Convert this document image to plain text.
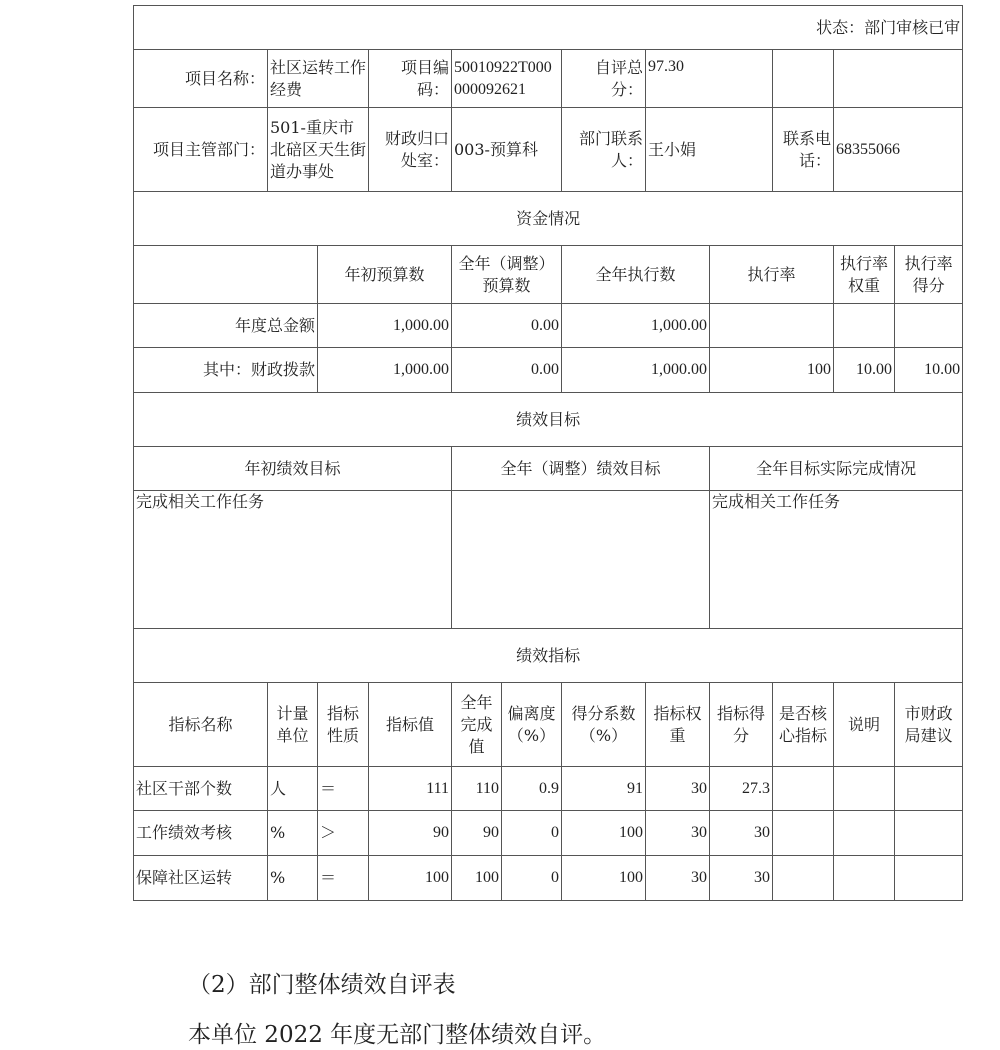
状态：部门审核已审											
项目名称：	社区运转工作经费		项目编码：	50010922T000000092621		自评总分：	97.30				
项目主管部门：	501-重庆市北碚区天生街道办事处		财政归口处室：	003-预算科		部门联系人：	王小娟		联系电话：	68355066	
资金情况											
		年初预算数		全年（调整）预算数		全年执行数		执行率		执行率权重	执行率得分
年度总金额		1,000.00		0.00		1,000.00					
其中：财政拨款		1,000.00		0.00		1,000.00		100		10.00	10.00
绩效目标											
年初绩效目标				全年（调整）绩效目标				全年目标实际完成情况			
完成相关工作任务								完成相关工作任务			
绩效指标											
指标名称	计量单位	指标性质	指标值	全年完成值	偏离度（%）	得分系数（%）	指标权重	指标得分	是否核心指标	说明	市财政局建议
社区干部个数	人	＝	111	110	0.9	91	30	27.3			
工作绩效考核	%	＞	90	90	0	100	30	30			
保障社区运转	%	＝	100	100	0	100	30	30			

（2）部门整体绩效自评表

本单位 2022 年度无部门整体绩效自评。
